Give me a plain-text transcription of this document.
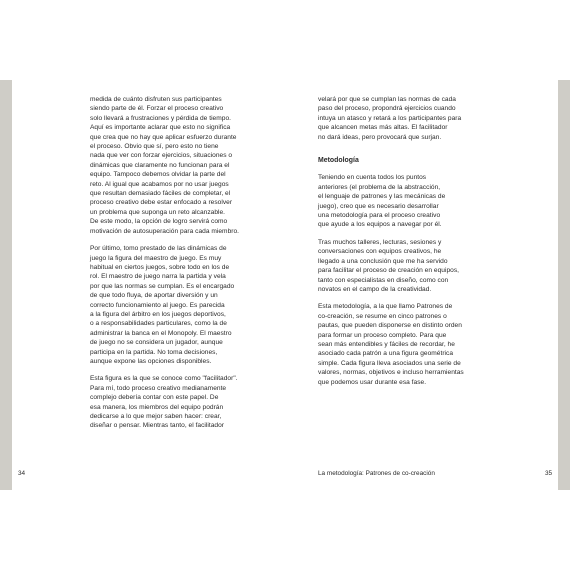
medida de cuánto disfruten sus participantes
siendo parte de él. Forzar el proceso creativo
solo llevará a frustraciones y pérdida de tiempo.
Aquí es importante aclarar que esto no significa
que crea que no hay que aplicar esfuerzo durante
el proceso. Obvio que sí, pero esto no tiene
nada que ver con forzar ejercicios, situaciones o
dinámicas que claramente no funcionan para el
equipo. Tampoco debemos olvidar la parte del
reto. Al igual que acabamos por no usar juegos
que resultan demasiado fáciles de completar, el
proceso creativo debe estar enfocado a resolver
un problema que suponga un reto alcanzable.
De este modo, la opción de logro servirá como
motivación de autosuperación para cada miembro.

Por último, tomo prestado de las dinámicas de
juego la figura del maestro de juego. Es muy
habitual en ciertos juegos, sobre todo en los de
rol. El maestro de juego narra la partida y vela
por que las normas se cumplan. Es el encargado
de que todo fluya, de aportar diversión y un
correcto funcionamiento al juego. Es parecida
a la figura del árbitro en los juegos deportivos,
o a responsabilidades particulares, como la de
administrar la banca en el Monopoly. El maestro
de juego no se considera un jugador, aunque
participa en la partida. No toma decisiones,
aunque expone las opciones disponibles.

Esta figura es la que se conoce como "facilitador".
Para mí, todo proceso creativo medianamente
complejo debería contar con este papel. De
esa manera, los miembros del equipo podrán
dedicarse a lo que mejor saben hacer: crear,
diseñar o pensar. Mientras tanto, el facilitador

velará por que se cumplan las normas de cada
paso del proceso, propondrá ejercicios cuando
intuya un atasco y retará a los participantes para
que alcancen metas más altas. El facilitador
no dará ideas, pero provocará que surjan.

Metodología

Teniendo en cuenta todos los puntos
anteriores (el problema de la abstracción,
el lenguaje de patrones y las mecánicas de
juego), creo que es necesario desarrollar
una metodología para el proceso creativo
que ayude a los equipos a navegar por él.

Tras muchos talleres, lecturas, sesiones y
conversaciones con equipos creativos, he
llegado a una conclusión que me ha servido
para facilitar el proceso de creación en equipos,
tanto con especialistas en diseño, como con
novatos en el campo de la creatividad.

Esta metodología, a la que llamo Patrones de
co-creación, se resume en cinco patrones o
pautas, que pueden disponerse en distinto orden
para formar un proceso completo. Para que
sean más entendibles y fáciles de recordar, he
asociado cada patrón a una figura geométrica
simple. Cada figura lleva asociados una serie de
valores, normas, objetivos e incluso herramientas
que podemos usar durante esa fase.

34	La metodología: Patrones de co-creación	35
